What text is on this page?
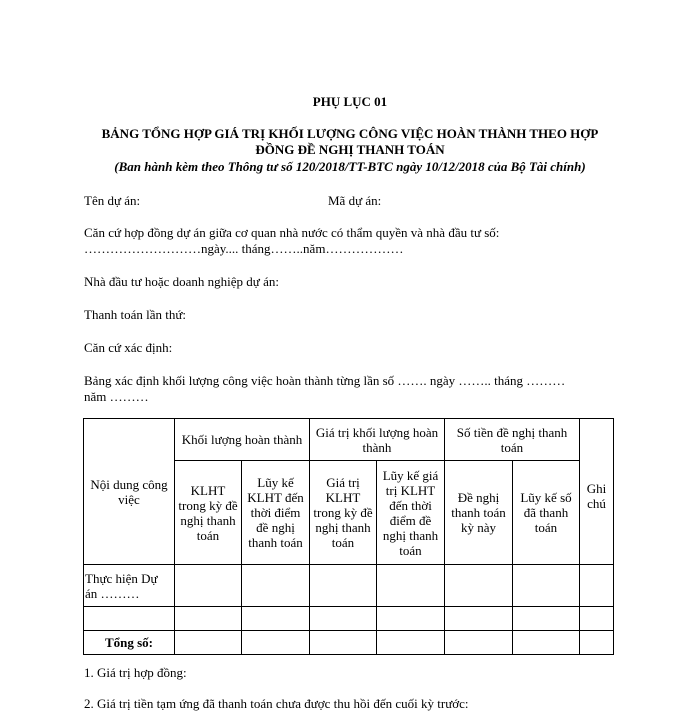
PHỤ LỤC 01
BẢNG TỔNG HỢP GIÁ TRỊ KHỐI LƯỢNG CÔNG VIỆC HOÀN THÀNH THEO HỢP
ĐỒNG ĐỀ NGHỊ THANH TOÁN
(Ban hành kèm theo Thông tư số 120/2018/TT-BTC ngày 10/12/2018 của Bộ Tài chính)
Tên dự án:	Mã dự án:
Căn cứ hợp đồng dự án giữa cơ quan nhà nước có thẩm quyền và nhà đầu tư số:
………………………ngày.... tháng……..năm………………
Nhà đầu tư hoặc doanh nghiệp dự án:
Thanh toán lần thứ:
Căn cứ xác định:
Bảng xác định khối lượng công việc hoàn thành từng lần số ……. ngày …….. tháng ………
năm ………
Nội dung công việc	Khối lượng hoàn thành		Giá trị khối lượng hoàn thành		Số tiền đề nghị thanh toán		Ghi chú
	KLHT trong kỳ đề nghị thanh toán	Lũy kế KLHT đến thời điểm đề nghị thanh toán	Giá trị KLHT trong kỳ đề nghị thanh toán	Lũy kế giá trị KLHT đến thời điểm đề nghị thanh toán	Đề nghị thanh toán kỳ này	Lũy kế số đã thanh toán	
Thực hiện Dự án ………							

Tổng số:							
1. Giá trị hợp đồng:
2. Giá trị tiền tạm ứng đã thanh toán chưa được thu hồi đến cuối kỳ trước:
